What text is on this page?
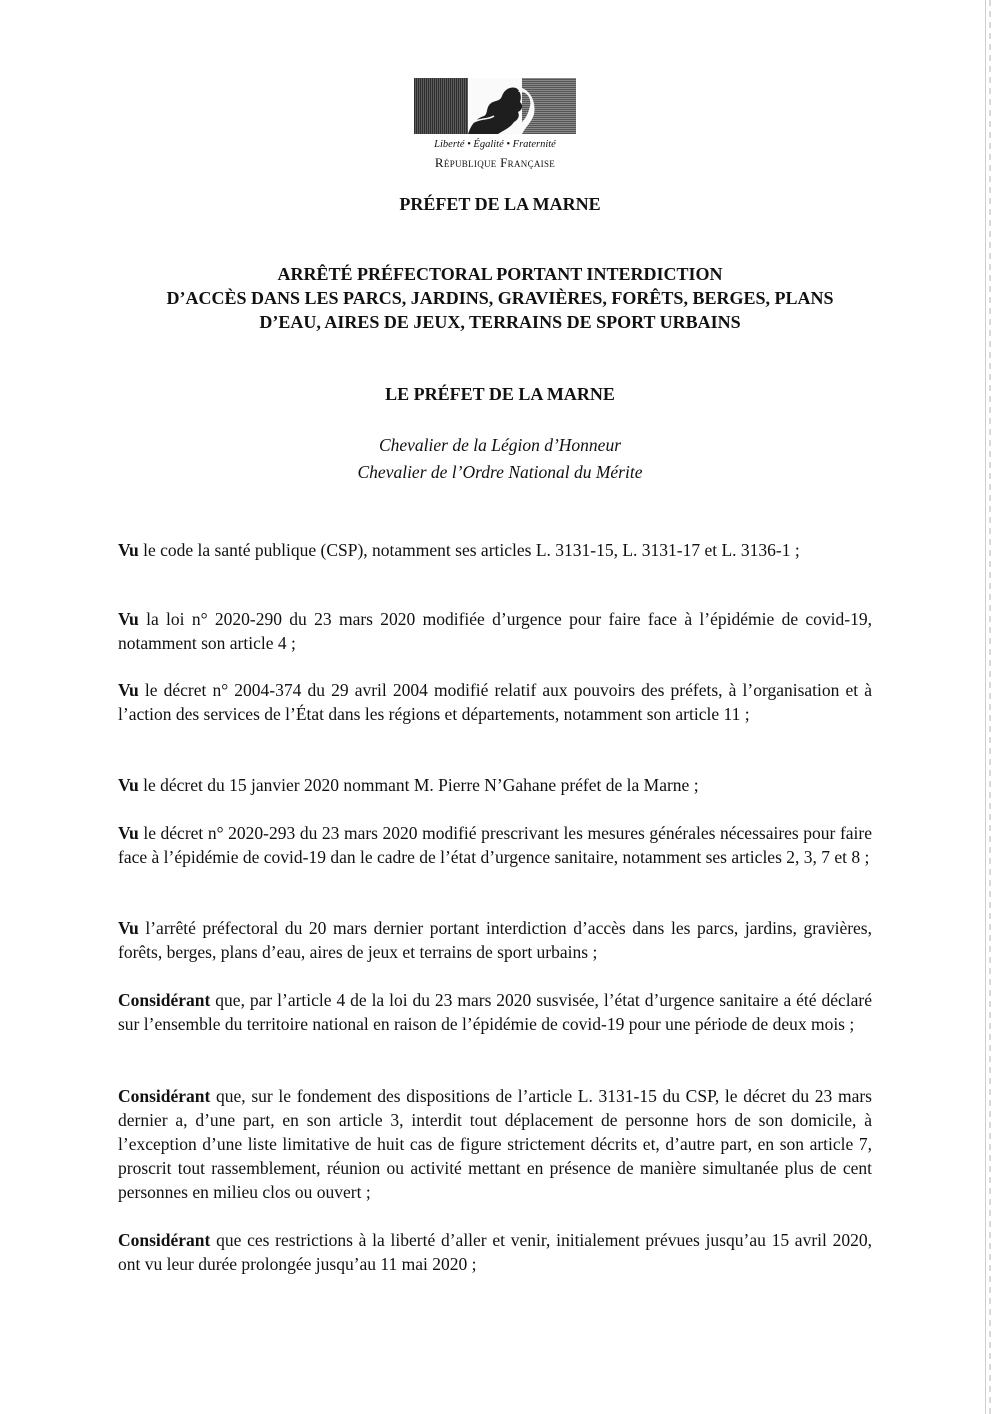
Liberté • Égalité • Fraternité
République Française
PRÉFET DE LA MARNE
ARRÊTÉ PRÉFECTORAL PORTANT INTERDICTION
D’ACCÈS DANS LES PARCS, JARDINS, GRAVIÈRES, FORÊTS, BERGES, PLANS
D’EAU, AIRES DE JEUX, TERRAINS DE SPORT URBAINS
LE PRÉFET DE LA MARNE
Chevalier de la Légion d’Honneur
Chevalier de l’Ordre National du Mérite

Vu le code la santé publique (CSP), notamment ses articles L. 3131-15, L. 3131-17 et L. 3136-1 ;

Vu la loi n° 2020-290 du 23 mars 2020 modifiée d’urgence pour faire face à l’épidémie de covid-19, notamment son article 4 ;

Vu le décret n° 2004-374 du 29 avril 2004 modifié relatif aux pouvoirs des préfets, à l’organisation et à l’action des services de l’État dans les régions et départements, notamment son article 11 ;

Vu le décret du 15 janvier 2020 nommant M. Pierre N’Gahane préfet de la Marne ;

Vu le décret n° 2020-293 du 23 mars 2020 modifié prescrivant les mesures générales nécessaires pour faire face à l’épidémie de covid-19 dan le cadre de l’état d’urgence sanitaire, notamment ses articles 2, 3, 7 et 8 ;

Vu l’arrêté préfectoral du 20 mars dernier portant interdiction d’accès dans les parcs, jardins, gravières, forêts, berges, plans d’eau, aires de jeux et terrains de sport urbains ;

Considérant que, par l’article 4 de la loi du 23 mars 2020 susvisée, l’état d’urgence sanitaire a été déclaré sur l’ensemble du territoire national en raison de l’épidémie de covid-19 pour une période de deux mois ;

Considérant que, sur le fondement des dispositions de l’article L. 3131-15 du CSP, le décret du 23 mars dernier a, d’une part, en son article 3, interdit tout déplacement de personne hors de son domicile, à l’exception d’une liste limitative de huit cas de figure strictement décrits et, d’autre part, en son article 7, proscrit tout rassemblement, réunion ou activité mettant en présence de manière simultanée plus de cent personnes en milieu clos ou ouvert ;

Considérant que ces restrictions à la liberté d’aller et venir, initialement prévues jusqu’au 15 avril 2020, ont vu leur durée prolongée jusqu’au 11 mai 2020 ;
